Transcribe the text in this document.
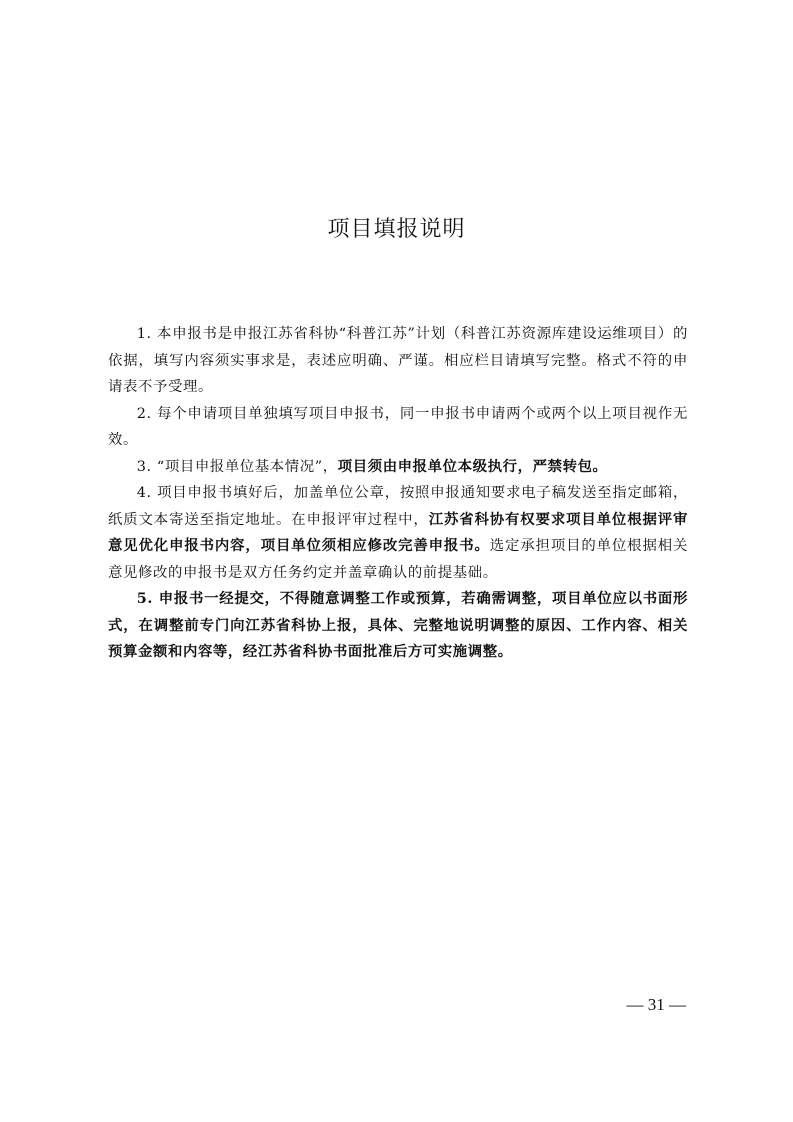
项目填报说明

1. 本申报书是申报江苏省科协“科普江苏”计划（科普江苏资源库建设运维项目）的依据，填写内容须实事求是，表述应明确、严谨。相应栏目请填写完整。格式不符的申请表不予受理。

2. 每个申请项目单独填写项目申报书，同一申报书申请两个或两个以上项目视作无效。

3. “项目申报单位基本情况”，项目须由申报单位本级执行，严禁转包。

4. 项目申报书填好后，加盖单位公章，按照申报通知要求电子稿发送至指定邮箱，纸质文本寄送至指定地址。在申报评审过程中，江苏省科协有权要求项目单位根据评审意见优化申报书内容，项目单位须相应修改完善申报书。选定承担项目的单位根据相关意见修改的申报书是双方任务约定并盖章确认的前提基础。

5. 申报书一经提交，不得随意调整工作或预算，若确需调整，项目单位应以书面形式，在调整前专门向江苏省科协上报，具体、完整地说明调整的原因、工作内容、相关预算金额和内容等，经江苏省科协书面批准后方可实施调整。

— 31 —
